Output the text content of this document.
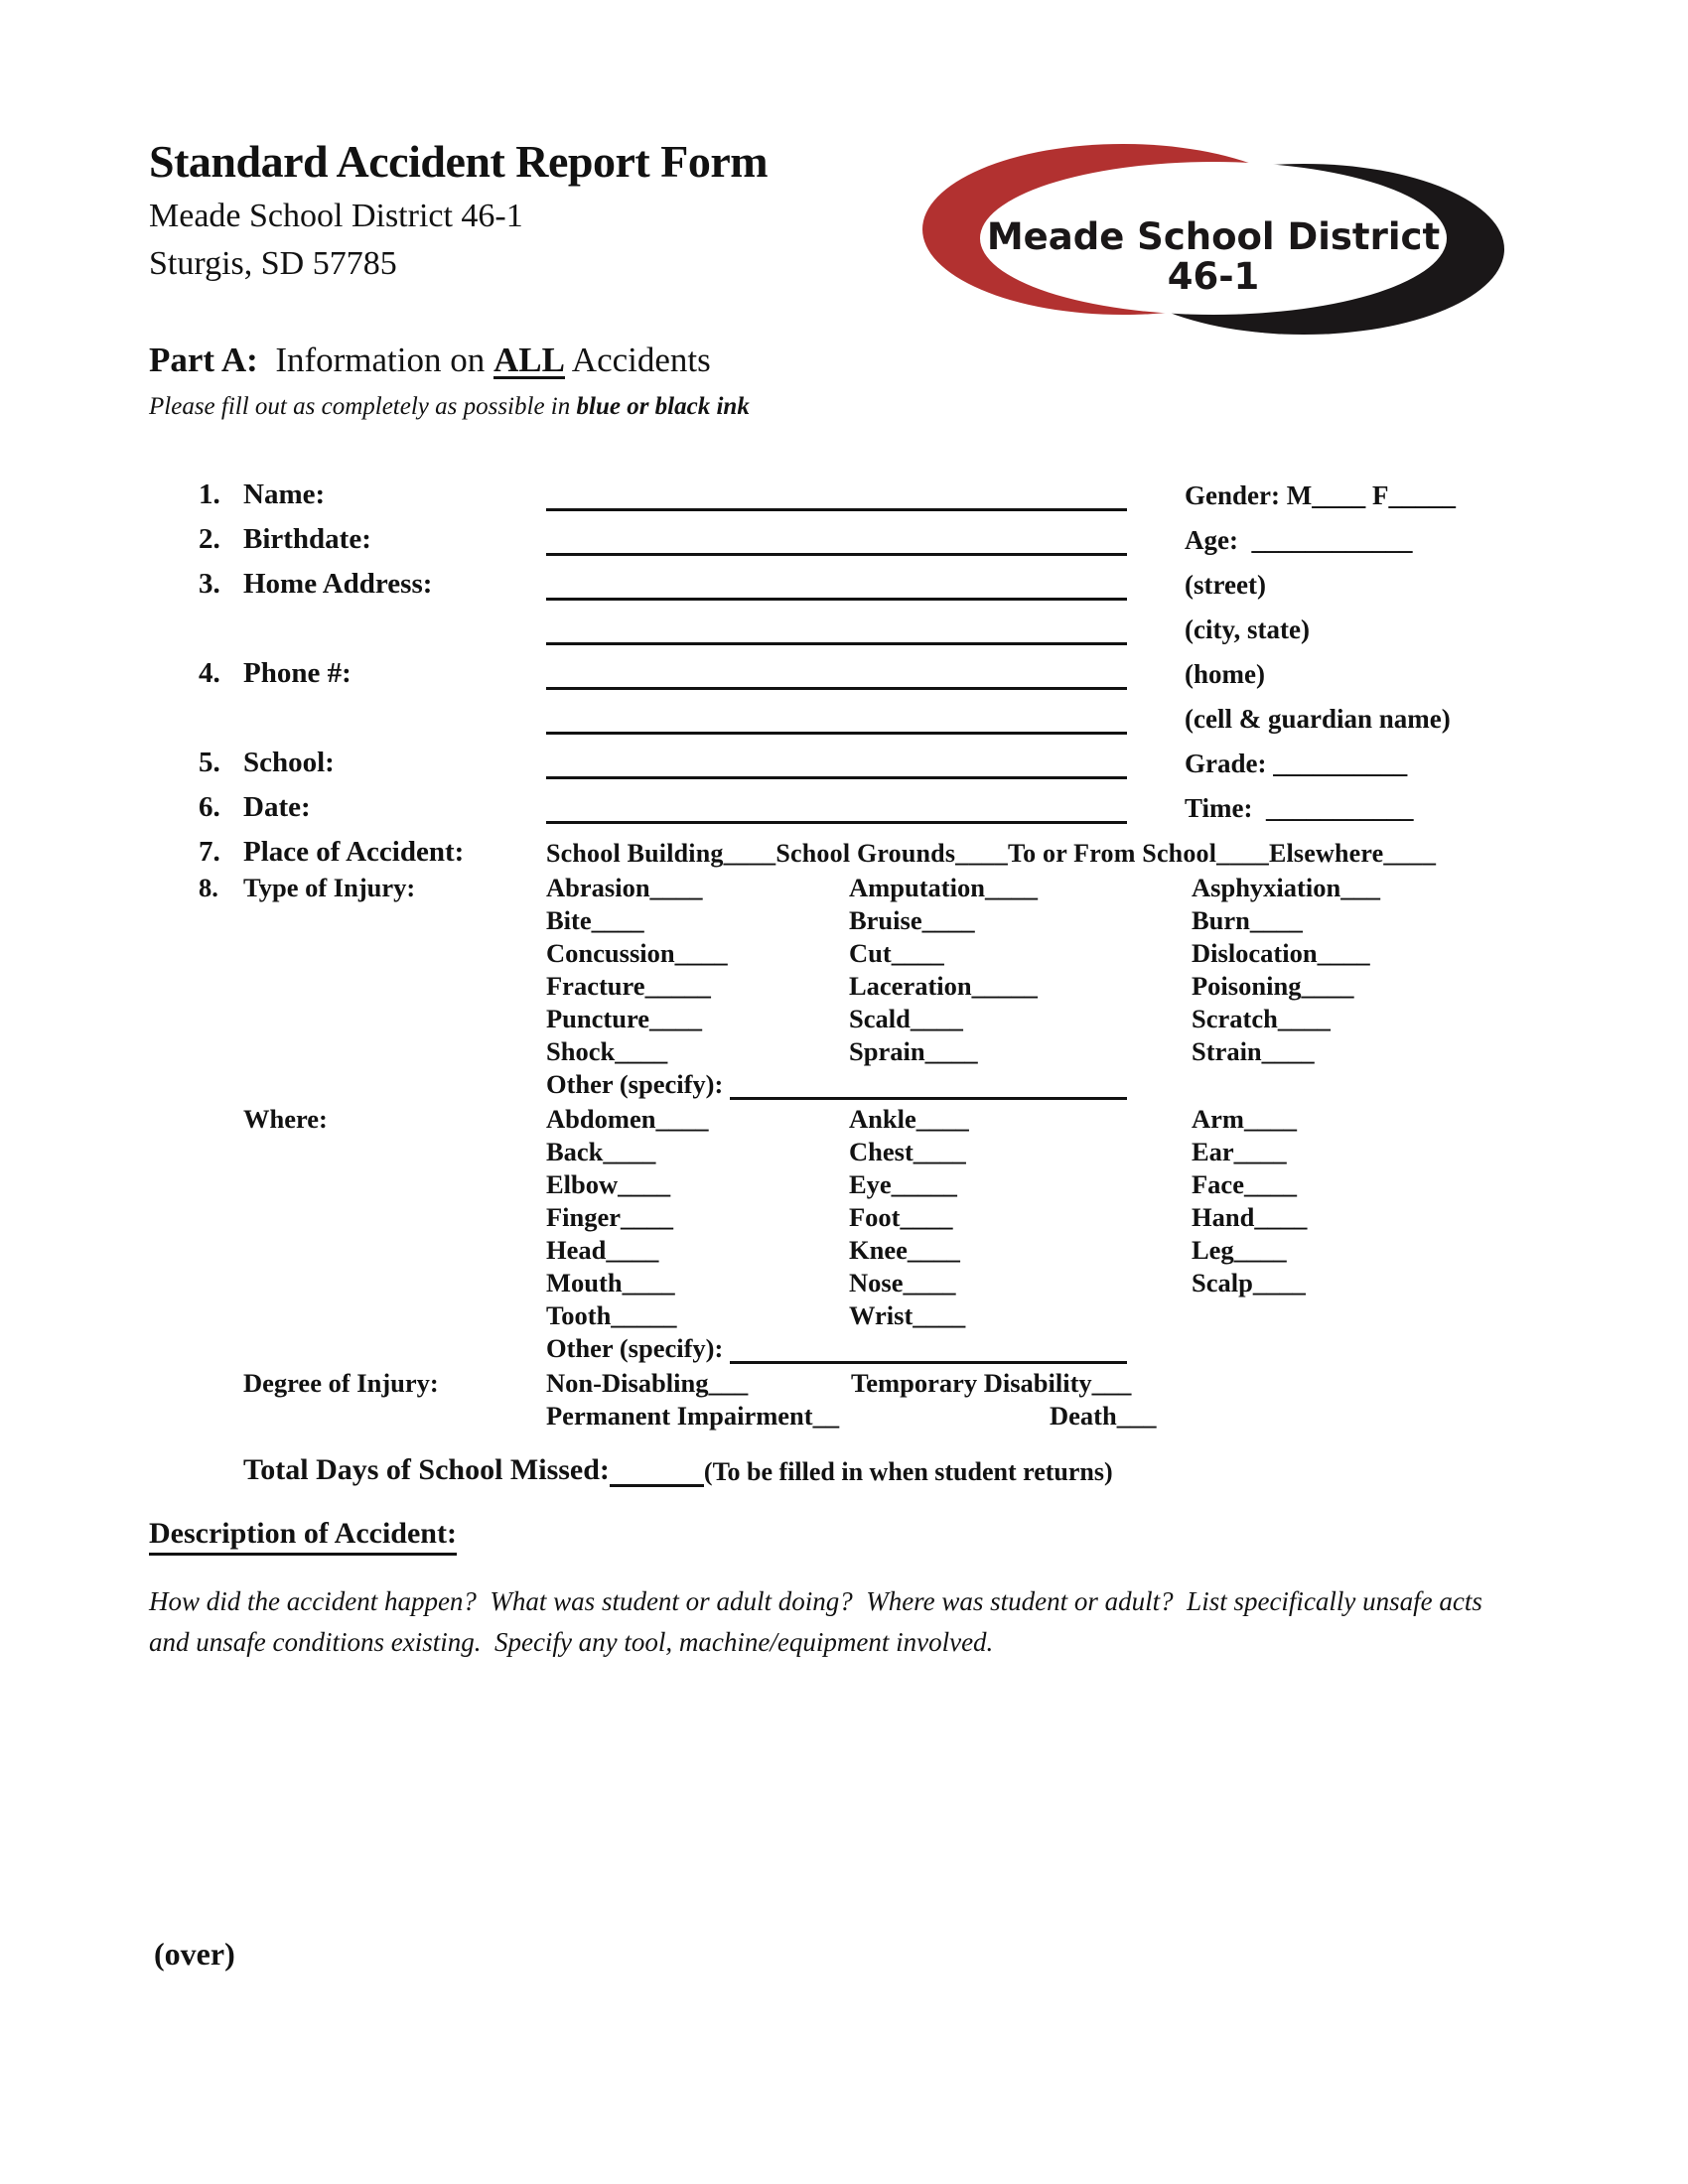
Standard Accident Report Form
Meade School District 46-1
Sturgis, SD 57785
Meade School District
46-1
Part A:  Information on ALL Accidents
Please fill out as completely as possible in blue or black ink
1. Name:	Gender: M____ F_____
2. Birthdate:	Age:  ____________
3. Home Address:	(street)
(city, state)
4. Phone #:	(home)
(cell & guardian name)
5. School:	Grade: __________
6. Date:	Time:  ___________
7. Place of Accident:	School Building____School Grounds____To or From School____Elsewhere____
8. Type of Injury:	Abrasion____	Amputation____	Asphyxiation___
Bite____	Bruise____	Burn____
Concussion____	Cut____	Dislocation____
Fracture_____	Laceration_____	Poisoning____
Puncture____	Scald____	Scratch____
Shock____	Sprain____	Strain____
Other (specify):
Where:	Abdomen____	Ankle____	Arm____
Back____	Chest____	Ear____
Elbow____	Eye_____	Face____
Finger____	Foot____	Hand____
Head____	Knee____	Leg____
Mouth____	Nose____	Scalp____
Tooth_____	Wrist____
Other (specify):
Degree of Injury:	Non-Disabling___	Temporary Disability___
Permanent Impairment__	Death___
Total Days of School Missed:	(To be filled in when student returns)
Description of Accident:
How did the accident happen?  What was student or adult doing?  Where was student or adult?  List specifically unsafe acts and unsafe conditions existing.  Specify any tool, machine/equipment involved.
(over)
